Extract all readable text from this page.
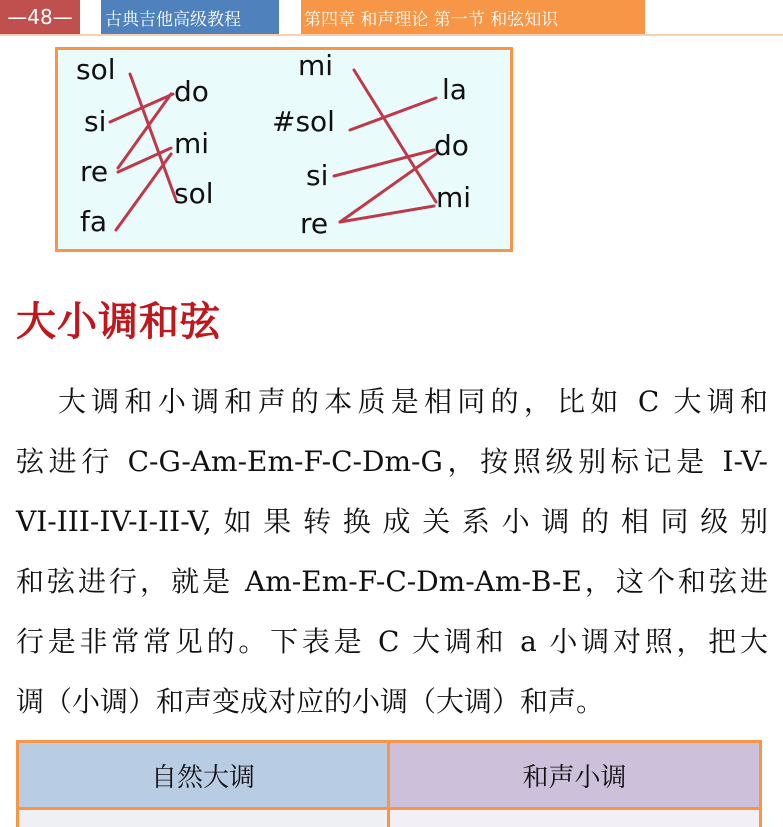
—48—	古典吉他高级教程	第四章 和声理论 第一节 和弦知识
sol
si
re
fa
do
mi
sol
mi
#sol
si
re
la
do
mi
大小调和弦
大调和小调和声的本质是相同的，比如 C 大调和
弦进行 C-G-Am-Em-F-C-Dm-G，按照级别标记是 I-V-
VI-III-IV-I-II-V,如果转换成关系小调的相同级别
和弦进行，就是 Am-Em-F-C-Dm-Am-B-E，这个和弦进
行是非常常见的。下表是 C 大调和 a 小调对照，把大
调（小调）和声变成对应的小调（大调）和声。
自然大调	和声小调
